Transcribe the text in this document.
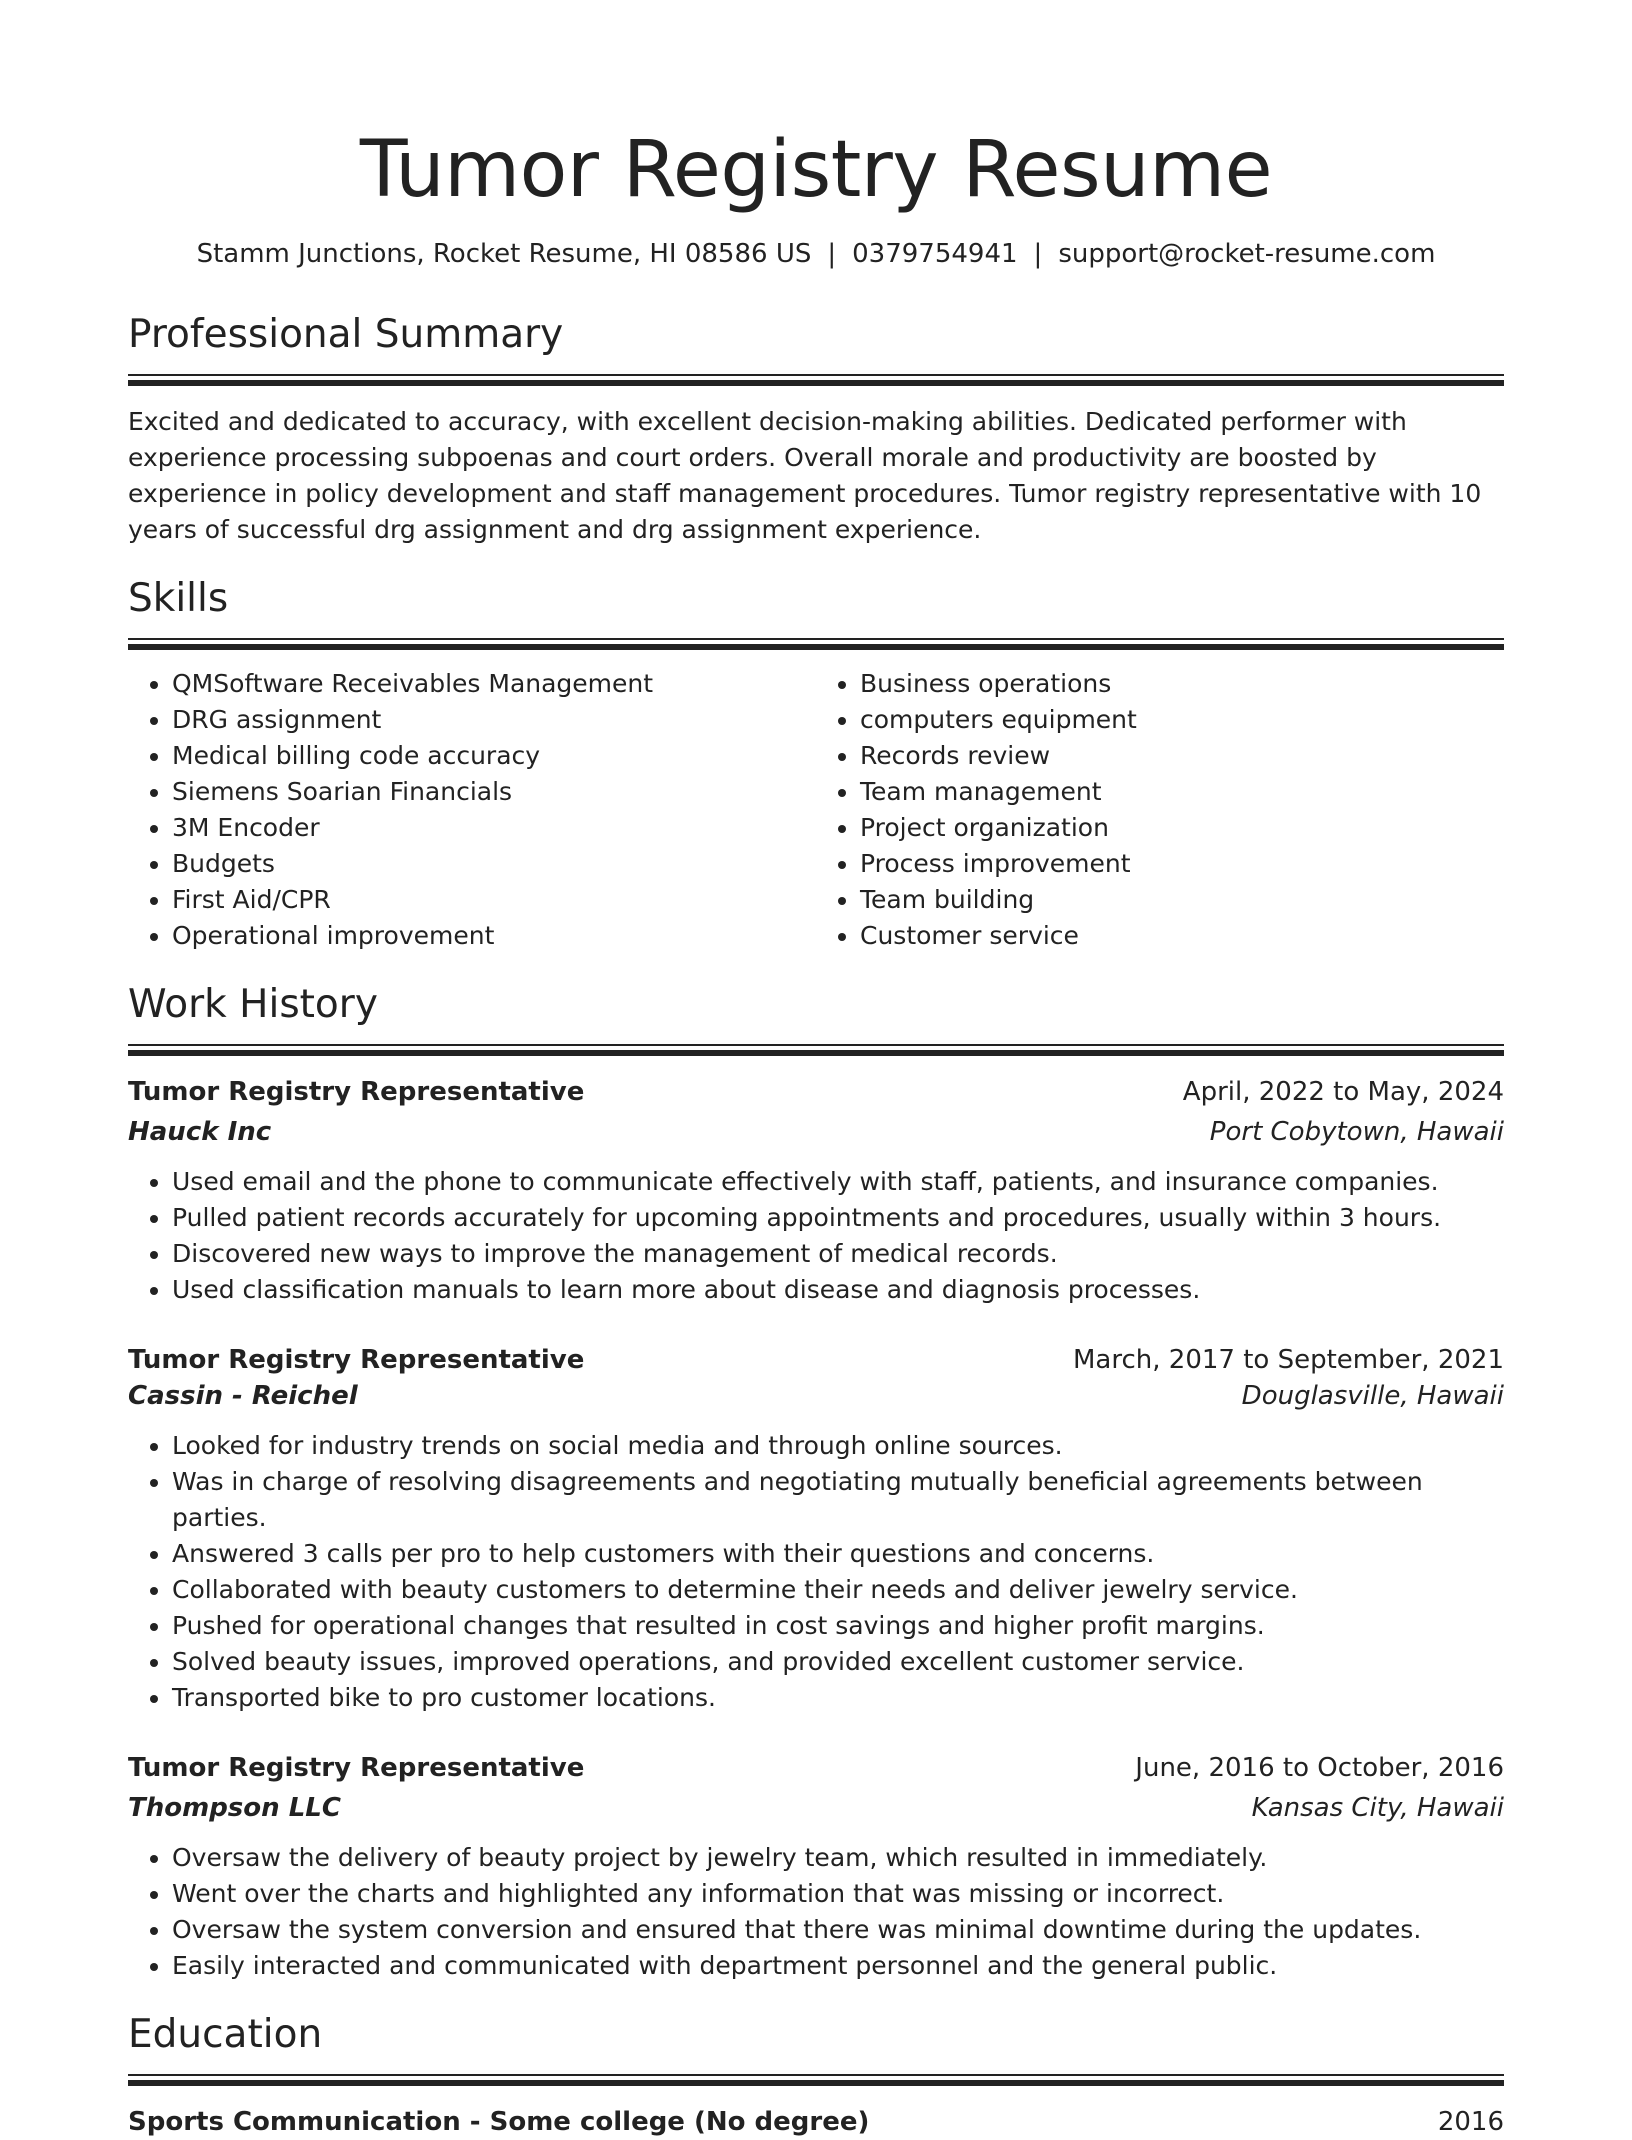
Tumor Registry Resume
Stamm Junctions, Rocket Resume, HI 08586 US | 0379754941 | support@rocket-resume.com
Professional Summary

Excited and dedicated to accuracy, with excellent decision-making abilities. Dedicated performer with experience processing subpoenas and court orders. Overall morale and productivity are boosted by experience in policy development and staff management procedures. Tumor registry representative with 10 years of successful drg assignment and drg assignment experience.

Skills
• QMSoftware Receivables Management
• DRG assignment
• Medical billing code accuracy
• Siemens Soarian Financials
• 3M Encoder
• Budgets
• First Aid/CPR
• Operational improvement
• Business operations
• computers equipment
• Records review
• Team management
• Project organization
• Process improvement
• Team building
• Customer service
Work History
Tumor Registry Representative	April, 2022 to May, 2024
Hauck Inc	Port Cobytown, Hawaii
• Used email and the phone to communicate effectively with staff, patients, and insurance companies.
• Pulled patient records accurately for upcoming appointments and procedures, usually within 3 hours.
• Discovered new ways to improve the management of medical records.
• Used classification manuals to learn more about disease and diagnosis processes.
Tumor Registry Representative	March, 2017 to September, 2021
Cassin - Reichel	Douglasville, Hawaii
• Looked for industry trends on social media and through online sources.
• Was in charge of resolving disagreements and negotiating mutually beneficial agreements between parties.
• Answered 3 calls per pro to help customers with their questions and concerns.
• Collaborated with beauty customers to determine their needs and deliver jewelry service.
• Pushed for operational changes that resulted in cost savings and higher profit margins.
• Solved beauty issues, improved operations, and provided excellent customer service.
• Transported bike to pro customer locations.
Tumor Registry Representative	June, 2016 to October, 2016
Thompson LLC	Kansas City, Hawaii
• Oversaw the delivery of beauty project by jewelry team, which resulted in immediately.
• Went over the charts and highlighted any information that was missing or incorrect.
• Oversaw the system conversion and ensured that there was minimal downtime during the updates.
• Easily interacted and communicated with department personnel and the general public.
Education
Sports Communication - Some college (No degree)	2016
